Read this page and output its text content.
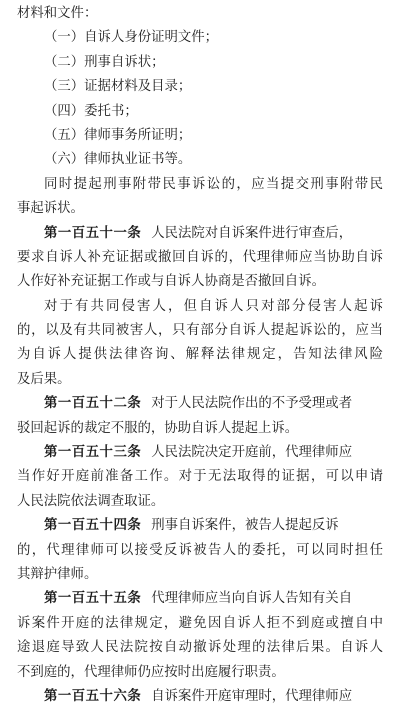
材料和文件：
（一）自诉人身份证明文件；
（二）刑事自诉状；
（三）证据材料及目录；
（四）委托书；
（五）律师事务所证明；
（六）律师执业证书等。
同时提起刑事附带民事诉讼的，应当提交刑事附带民
事起诉状。
第一百五十一条 人民法院对自诉案件进行审查后，
要求自诉人补充证据或撤回自诉的，代理律师应当协助自诉
人作好补充证据工作或与自诉人协商是否撤回自诉。
对于有共同侵害人，但自诉人只对部分侵害人起诉
的，以及有共同被害人，只有部分自诉人提起诉讼的，应当
为自诉人提供法律咨询、解释法律规定，告知法律风险
及后果。
第一百五十二条 对于人民法院作出的不予受理或者
驳回起诉的裁定不服的，协助自诉人提起上诉。
第一百五十三条 人民法院决定开庭前，代理律师应
当作好开庭前准备工作。对于无法取得的证据，可以申请
人民法院依法调查取证。
第一百五十四条 刑事自诉案件，被告人提起反诉
的，代理律师可以接受反诉被告人的委托，可以同时担任
其辩护律师。
第一百五十五条 代理律师应当向自诉人告知有关自
诉案件开庭的法律规定，避免因自诉人拒不到庭或擅自中
途退庭导致人民法院按自动撤诉处理的法律后果。自诉人
不到庭的，代理律师仍应按时出庭履行职责。
第一百五十六条 自诉案件开庭审理时，代理律师应
